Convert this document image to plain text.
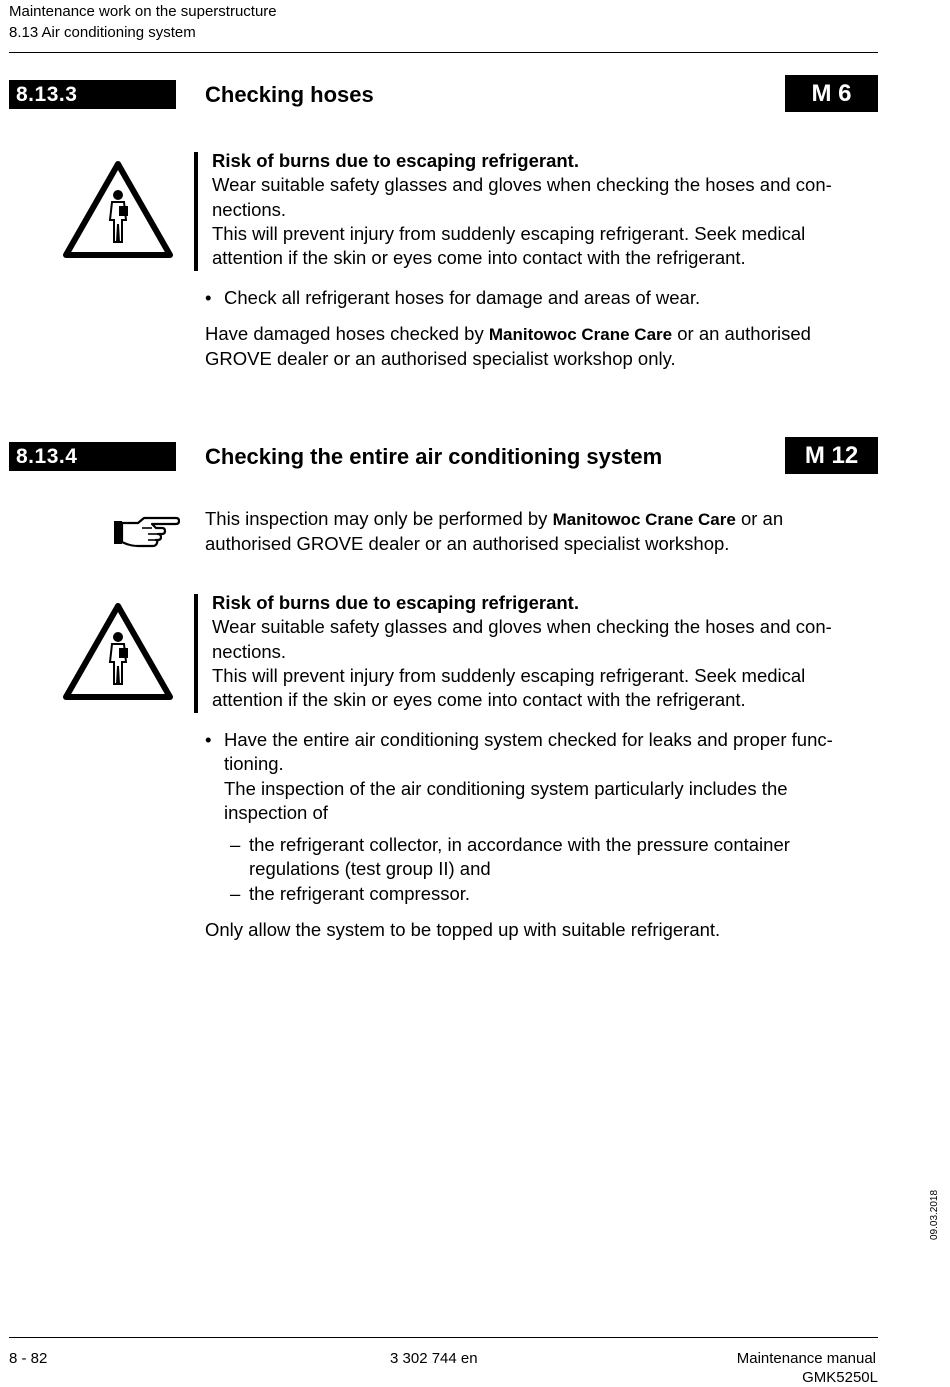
Maintenance work on the superstructure
8.13 Air conditioning system
8.13.3	Checking hoses	M 6

Risk of burns due to escaping refrigerant.

Wear suitable safety glasses and gloves when checking the hoses and con-

nections.

This will prevent injury from suddenly escaping refrigerant. Seek medical

attention if the skin or eyes come into contact with the refrigerant.

• Check all refrigerant hoses for damage and areas of wear.

Have damaged hoses checked by Manitowoc Crane Care or an authorised

GROVE dealer or an authorised specialist workshop only.

8.13.4	Checking the entire air conditioning system	M 12

This inspection may only be performed by Manitowoc Crane Care or an

authorised GROVE dealer or an authorised specialist workshop.

Risk of burns due to escaping refrigerant.

Wear suitable safety glasses and gloves when checking the hoses and con-

nections.

This will prevent injury from suddenly escaping refrigerant. Seek medical

attention if the skin or eyes come into contact with the refrigerant.

• Have the entire air conditioning system checked for leaks and proper func-

tioning.

The inspection of the air conditioning system particularly includes the

inspection of

– the refrigerant collector, in accordance with the pressure container

regulations (test group II) and

– the refrigerant compressor.
Only allow the system to be topped up with suitable refrigerant.
09.03.2018
8 - 82	3 302 744 en	Maintenance manual
GMK5250L
